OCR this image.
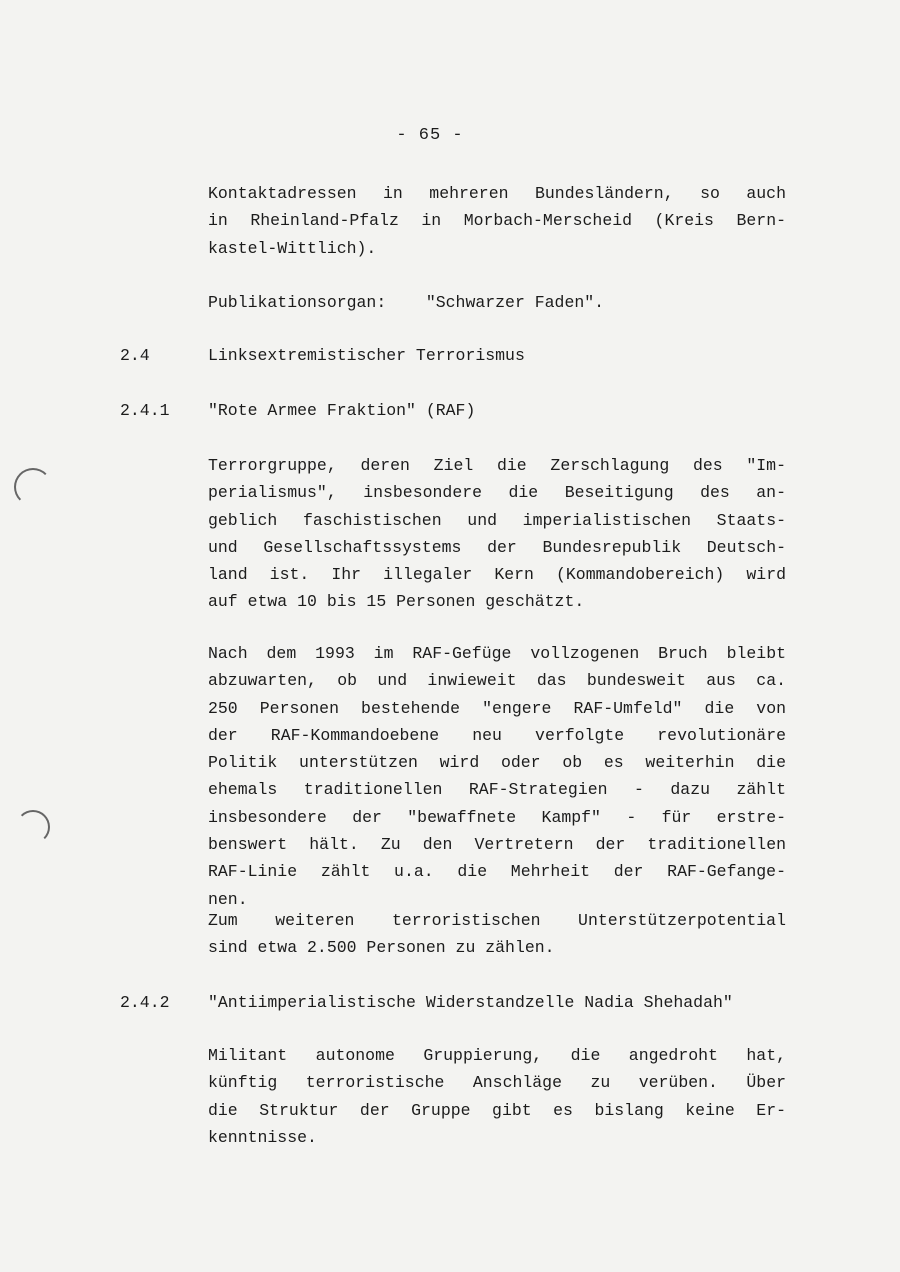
- 65 -
Kontaktadressen in mehreren Bundesländern, so auch
in Rheinland-Pfalz in Morbach-Merscheid (Kreis Bern-
kastel-Wittlich).
Publikationsorgan:    "Schwarzer Faden".
2.4	Linksextremistischer Terrorismus
2.4.1 "Rote Armee Fraktion" (RAF)
Terrorgruppe, deren Ziel die Zerschlagung des "Im-
perialismus", insbesondere die Beseitigung des an-
geblich faschistischen und imperialistischen Staats-
und Gesellschaftssystems der Bundesrepublik Deutsch-
land ist. Ihr illegaler Kern (Kommandobereich) wird
auf etwa 10 bis 15 Personen geschätzt.
Nach dem 1993 im RAF-Gefüge vollzogenen Bruch bleibt
abzuwarten, ob und inwieweit das bundesweit aus ca.
250 Personen bestehende "engere RAF-Umfeld" die von
der RAF-Kommandoebene neu verfolgte revolutionäre
Politik unterstützen wird oder ob es weiterhin die
ehemals traditionellen RAF-Strategien - dazu zählt
insbesondere der "bewaffnete Kampf" - für erstre-
benswert hält. Zu den Vertretern der traditionellen
RAF-Linie zählt u.a. die Mehrheit der RAF-Gefange-
nen.
Zum weiteren terroristischen Unterstützerpotential
sind etwa 2.500 Personen zu zählen.
2.4.2 "Antiimperialistische Widerstandzelle Nadia Shehadah"
Militant autonome Gruppierung, die angedroht hat,
künftig terroristische Anschläge zu verüben. Über
die Struktur der Gruppe gibt es bislang keine Er-
kenntnisse.
